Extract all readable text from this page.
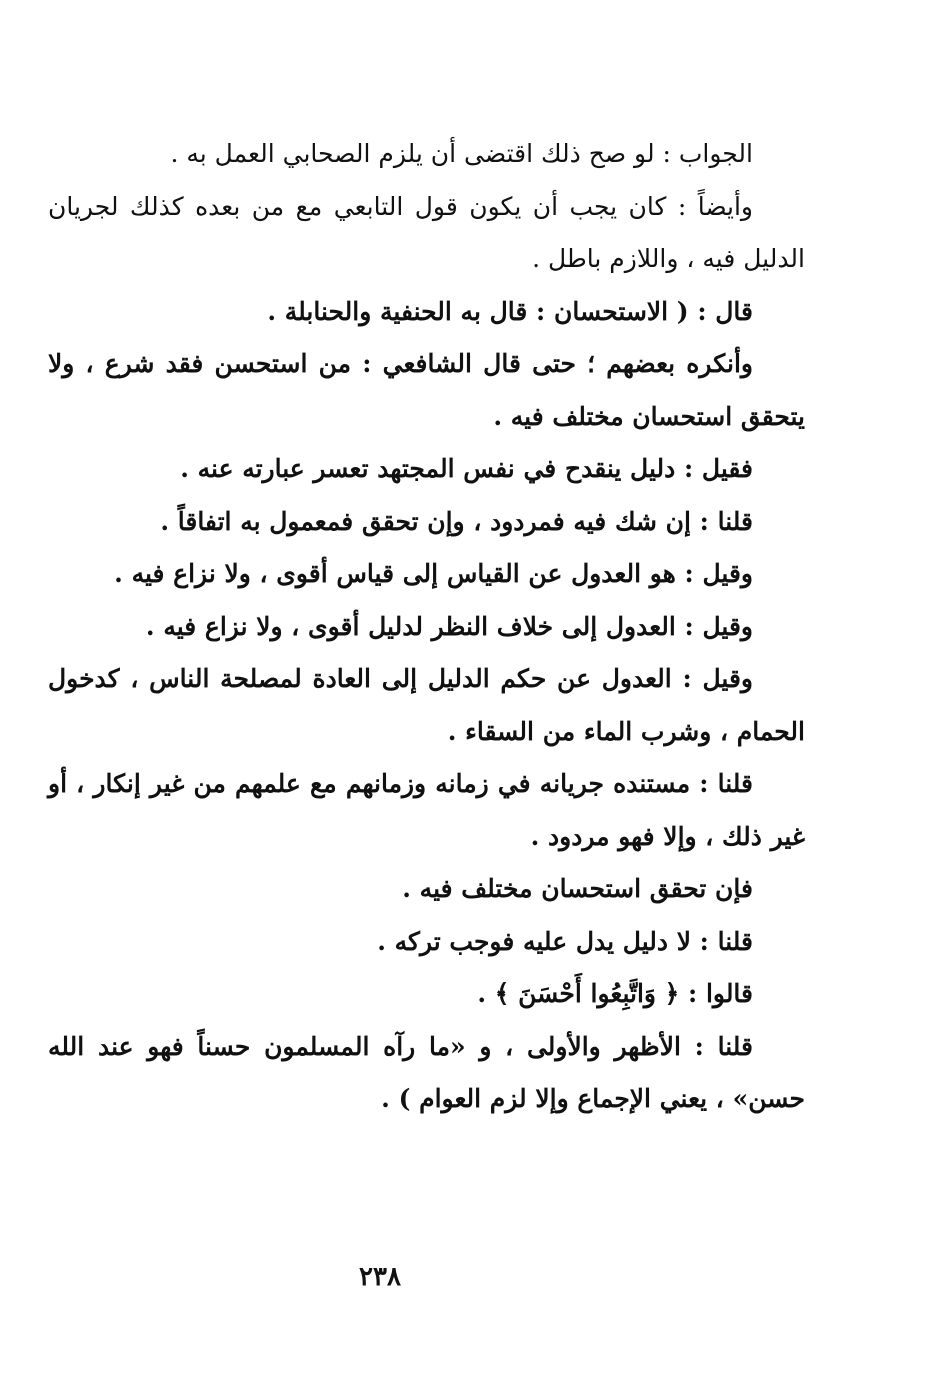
الجواب : لو صح ذلك اقتضى أن يلزم الصحابي العمل به .

وأيضاً : كان يجب أن يكون قول التابعي مع من بعده كذلك لجريان الدليل فيه ، واللازم باطل .

قال : ( الاستحسان : قال به الحنفية والحنابلة .

وأنكره بعضهم ؛ حتى قال الشافعي : من استحسن فقد شرع ، ولا يتحقق استحسان مختلف فيه .

فقيل : دليل ينقدح في نفس المجتهد تعسر عبارته عنه .

قلنا : إن شك فيه فمردود ، وإن تحقق فمعمول به اتفاقاً .

وقيل : هو العدول عن القياس إلى قياس أقوى ، ولا نزاع فيه .

وقيل : العدول إلى خلاف النظر لدليل أقوى ، ولا نزاع فيه .

وقيل : العدول عن حكم الدليل إلى العادة لمصلحة الناس ، كدخول الحمام ، وشرب الماء من السقاء .

قلنا : مستنده جريانه في زمانه وزمانهم مع علمهم من غير إنكار ، أو غير ذلك ، وإلا فهو مردود .

فإن تحقق استحسان مختلف فيه .

قلنا : لا دليل يدل عليه فوجب تركه .

قالوا : ﴿ وَاتَّبِعُوا أَحْسَنَ ﴾ .

قلنا : الأظهر والأولى ، و «ما رآه المسلمون حسناً فهو عند الله حسن» ، يعني الإجماع وإلا لزم العوام ) .

٢٣٨
